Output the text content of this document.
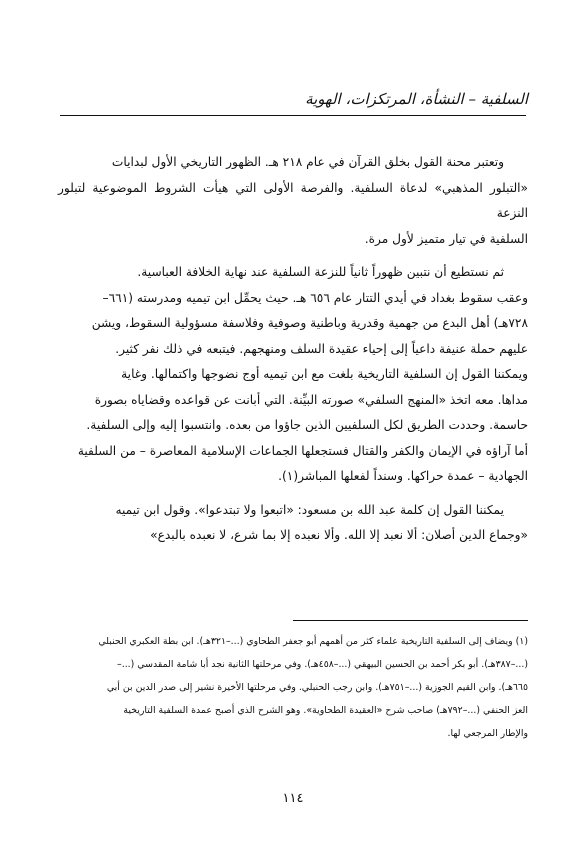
السلفية – النشأة، المرتكزات، الهوية

وتعتبر محنة القول بخلق القرآن في عام ٢١٨ هـ. الظهور التاريخي الأول لبدايات
«التبلور المذهبي» لدعاة السلفية. والفرصة الأولى التي هيأت الشروط الموضوعية لتبلور النزعة
السلفية في تيار متميز لأول مرة.

ثم نستطيع أن نتبين ظهوراً ثانياً للنزعة السلفية عند نهاية الخلافة العباسية.
وعقب سقوط بغداد في أيدي التتار عام ٦٥٦ هـ. حيث يحمِّل ابن تيميه ومدرسته (٦٦١–
٧٢٨هـ) أهل البدع من جهمية وقدرية وباطنية وصوفية وفلاسفة مسؤولية السقوط، ويشن
عليهم حملة عنيفة داعياً إلى إحياء عقيدة السلف ومنهجهم. فيتبعه في ذلك نفر كثير.

ويمكننا القول إن السلفية التاريخية بلغت مع ابن تيميه أوج نضوجها واكتمالها. وغاية
مداها. معه اتخذ «المنهج السلفي» صورته البيِّنة. التي أبانت عن قواعده وقضاياه بصورة
حاسمة. وحددت الطريق لكل السلفيين الذين جاؤوا من بعده. وانتسبوا إليه وإلى السلفية.
أما آراؤه في الإيمان والكفر والقتال فستجعلها الجماعات الإسلامية المعاصرة – من السلفية
الجهادية – عمدة حراكها. وسنداً لفعلها المباشر(١).

يمكننا القول إن كلمة عبد الله بن مسعود: «اتبعوا ولا تبتدعوا». وقول ابن تيميه
«وجماع الدين أصلان: ألا نعبد إلا الله. وألا نعبده إلا بما شرع، لا نعبده بالبدع»

(١) ويضاف إلى السلفية التاريخية علماء كثر من أهمهم أبو جعفر الطحاوي (...–٣٢١هـ). ابن بطة العكبري الحنبلي
(...–٣٨٧هـ). أبو بكر أحمد بن الحسين البيهقي (...–٤٥٨هـ). وفي مرحلتها الثانية نجد أبا شامة المقدسي (...–
٦٦٥هـ). وابن القيم الجوزية (...–٧٥١هـ). وابن رجب الحنبلي. وفي مرحلتها الأخيرة نشير إلى صدر الدين بن أبي
العز الحنفي (...–٧٩٢هـ) صاحب شرح «العقيدة الطحاوية». وهو الشرح الذي أصبح عمدة السلفية التاريخية
والإطار المرجعي لها.
١١٤
